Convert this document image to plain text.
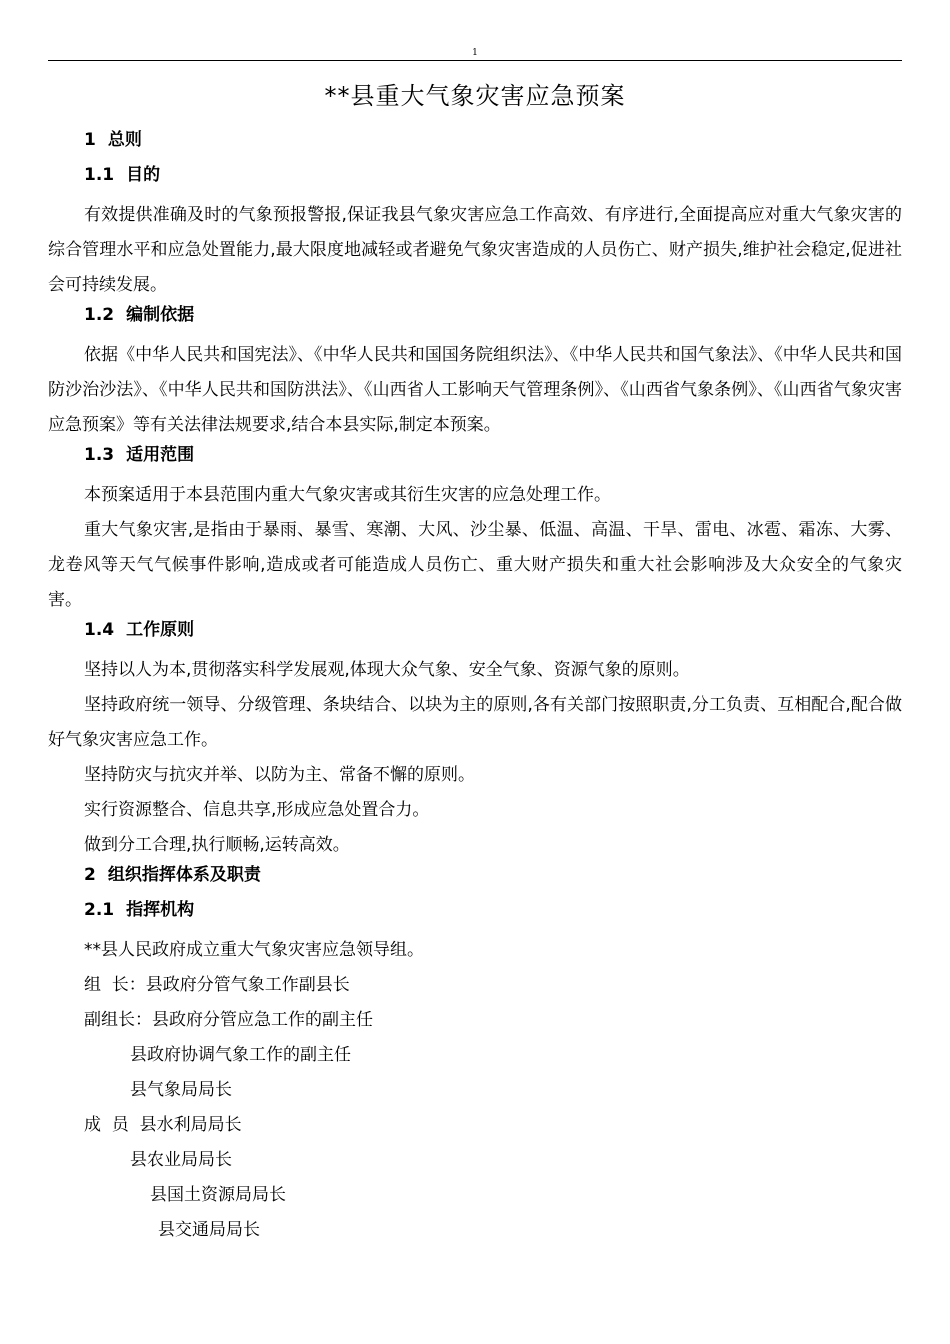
1
**县重大气象灾害应急预案
1 总则
1.1 目的

有效提供准确及时的气象预报警报,保证我县气象灾害应急工作高效、有序进行,全面提高应对重大气象灾害的综合管理水平和应急处置能力,最大限度地减轻或者避免气象灾害造成的人员伤亡、财产损失,维护社会稳定,促进社会可持续发展。

1.2 编制依据

依据《中华人民共和国宪法》、《中华人民共和国国务院组织法》、《中华人民共和国气象法》、《中华人民共和国防沙治沙法》、《中华人民共和国防洪法》、《山西省人工影响天气管理条例》、《山西省气象条例》、《山西省气象灾害应急预案》等有关法律法规要求,结合本县实际,制定本预案。

1.3 适用范围

本预案适用于本县范围内重大气象灾害或其衍生灾害的应急处理工作。

重大气象灾害,是指由于暴雨、暴雪、寒潮、大风、沙尘暴、低温、高温、干旱、雷电、冰雹、霜冻、大雾、龙卷风等天气气候事件影响,造成或者可能造成人员伤亡、重大财产损失和重大社会影响涉及大众安全的气象灾害。

1.4 工作原则

坚持以人为本,贯彻落实科学发展观,体现大众气象、安全气象、资源气象的原则。

坚持政府统一领导、分级管理、条块结合、以块为主的原则,各有关部门按照职责,分工负责、互相配合,配合做好气象灾害应急工作。

坚持防灾与抗灾并举、以防为主、常备不懈的原则。

实行资源整合、信息共享,形成应急处置合力。

做到分工合理,执行顺畅,运转高效。

2 组织指挥体系及职责
2.1 指挥机构
**县人民政府成立重大气象灾害应急领导组。
组  长：县政府分管气象工作副县长
副组长：县政府分管应急工作的副主任
县政府协调气象工作的副主任
县气象局局长
成  员  县水利局局长
县农业局局长
县国土资源局局长
县交通局局长
